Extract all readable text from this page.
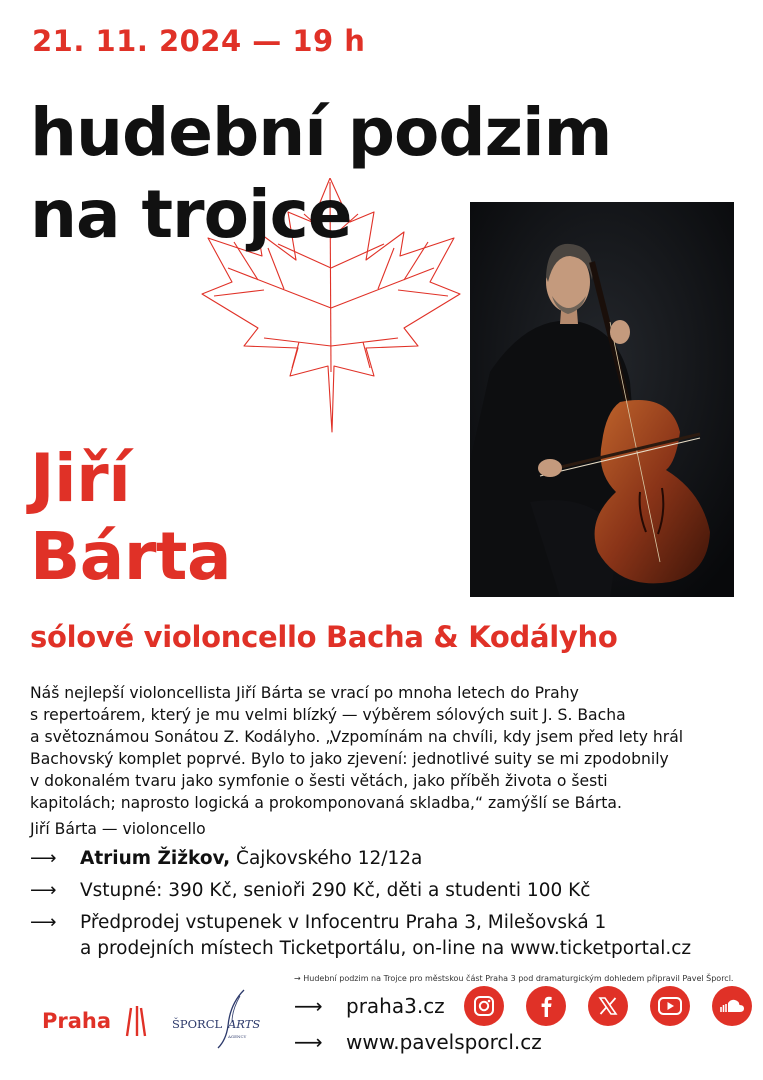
21. 11. 2024 — 19 h
hudební podzim
na trojce
Jiří
Bárta
sólové violoncello Bacha & Kodályho
Náš nejlepší violoncellista Jiří Bárta se vrací po mnoha letech do Prahy
s repertoárem, který je mu velmi blízký — výběrem sólových suit J. S. Bacha
a světoznámou Sonátou Z. Kodályho. „Vzpomínám na chvíli, kdy jsem před lety hrál
Bachovský komplet poprvé. Bylo to jako zjevení: jednotlivé suity se mi zpodobnily
v dokonalém tvaru jako symfonie o šesti větách, jako příběh života o šesti
kapitolách; naprosto logická a prokomponovaná skladba,“ zamýšlí se Bárta.
Jiří Bárta — violoncello
⟶	Atrium Žižkov, Čajkovského 12/12a
⟶	Vstupné: 390 Kč, senioři 290 Kč, děti a studenti 100 Kč
⟶	Předprodej vstupenek v Infocentru Praha 3, Milešovská 1
a prodejních místech Ticketportálu, on-line na www.ticketportal.cz
→ Hudební podzim na Trojce pro městskou část Praha 3 pod dramaturgickým dohledem připravil Pavel Šporcl.
Praha	ŠPORCL ARTS
AGENCY
⟶	praha3.cz
⟶	www.pavelsporcl.cz
